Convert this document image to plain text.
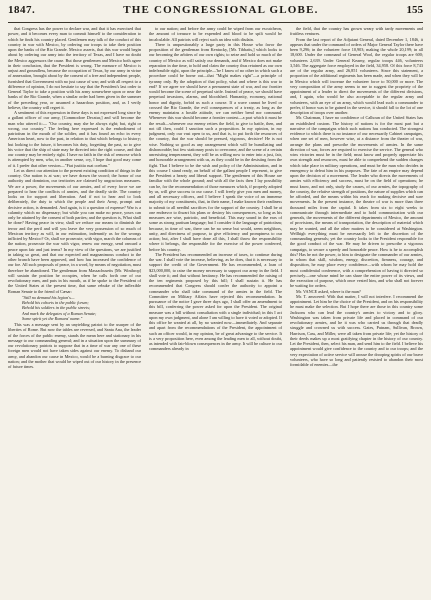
1847.	THE CONGRESSIONAL GLOBE.	155

that Congress has the power to declare war, and that it has exercised that power, and it becomes every man to commit himself to the consideration to which he finds his country placed. Gentlemen may talk of the conduct of this country in war with Mexico, by ordering our troops to take their position upon the banks of the Rio Grande. Mexico asserts, that this war would begin about by ordering our army into the territory of Texas, and I have no doubt the Mexico aggressors the cause. But those gentlemen and Mexico both agree in their conclusion, that the President is wrong. The measure of Mexico is unjust and groundless, because the occupation of Texas, by our army in virtue of annexation, brought about by the consent of a free and independent people, furnished that Government with no just cause of war; and with all respect to a difference of opinion, I do not hesitate to say that the President's last order to General Taylor to take a position with his army somewhere upon or near the banks of the Rio Grande, when a similar order had been given in the summer of the preceding year, or assumed a hazardous position, and, as I verily believe, the country will regret it.

A sentiment of this expression in these days is not expressed long since by a gallant officer of our army, [Commodore Decatur,] and will become the man who uttered it:— "Our country, may she be always right; but, right or wrong, our country." The feeling here expressed is the embodiment of patriotism in the mouth of the soldier, and it has found an echo in every American heart, now to the past, in relation to that which belongs to history; but looking to the future, it becomes his duty, forgetting the past, so to give his voice that the ship of state may be directed into the right course, and that our country may be entirely right. I have no faith in the risk of remorse which is attempted by men, who, in another sense, cry, I hope that good may come of it. I prefer that other version—"Fiat justitia ruat coelum."

Let us direct our attention to the present existing condition of things in the country. Our nation is at war; we have drawn the sword; the honor of our authority and dominion, our territories are claimed by ungracious measures. We are a power, the movements of our armies, and of every force we are prepared to hear the conflicts of armies, and the deadly strife. The country looks on for support and liberation. And if not to hear and to look deliberately, the duty to which the people and their Army, prompt and decisive action, is demanded. And again, is it a question of expense? War is a calamity which no dispensary; but while you can make no peace, yours can only be attained by the consent of both parties; and the question is, What shall be done? Having peace in view, shall we reduce our means to diminish the terror and the peril and will you leave the very possession of so much of Mexican territory as will, in our estimation, indemnify us for the wrongs inflicted by Mexico? Or, shall we prosecute, with vigor, march the columns of the nation, prosecute the war with vigor, renew our energy, send onward a peace upon fair and just terms? In my view of the questions, we are justified in taking so great, and that our expected and magnanimous conduct to the other branch have been approved, and how has increased the confidence of our foe. All such proposals of peace, in a word, by means of negotiation, must therefore be abandoned. The gentleman from Massachusetts [Mr. Winthrop] will sustain the position he occupies, when he calls forth one of our revolutionary men, and puts in his mouth, as if he spoke to the President of the United States at the present time, that same rebuke of the inflexible Roman Senate to the friend of Cæsar:

"Still no demand his legion's—
Behold his cohorts in the public forum;
Behold his soldiers in the public streets;
And mark the delegates of a Roman Senate;
Some spirit yet the Romans' name."

This was a message sent by an unyielding patriot to the usurper of the liberties of Rome. But now the tables are reversed, and Santa Ana, the leader of the forces of the public enemy, stands the mean here and stationary in his message to our commanding general; and in a situation upon the summary of our revolutionary patriots to suppose that in a time of war any one of these foreign men would not have taken sides against our enemy. To disband our army, and abandon our cause in Mexico, would be a burning disgrace to our nation; and the mother that would be wiped out of our history in the presence of future times.

to our nation; and before the army could be wiped from our escutcheon, the amount of treasure to be expended and blood to be spilt would be incalculable. All patriots will reject such an idea with disdain.

There is unquestionably a large party in this House who favor the proposition of the gentleman from Kentucky, [Mr. Tibbatts,] which looks to our becoming the arbiters of our own rights; to seize and hold so much of the country of Mexico as will satisfy our demands, and if Mexico does not make reparation in due time, to hold and claim the country thus retained as our own indefeasible right, upon the principle—'be I know of no other in which such a procedure could be borne out—that "Might makes right"—a principle of tyranny only. By the adoption of that policy, what and where is this war to end? If we agree we should have a permanent state of war, and our frontier would become the scene of perpetual strife. Instead of peace, we should have perpetual invasions, alarms, and bloodshed. Humanity, economy, national honor and dignity, forbid us such a course. If a wave cannot be lived or crossed the Rio Grande, the evil consequences of a treaty, as long as the enemy maintains a hostile attitude, we can neither bend nor command. Whenever this war should become a frontier contest—a part which it must be the result—whenever our enemy retires the field, to give to battle, then, and not till then, could I sanction such a proposition. In my opinion, in my judgment, only our vast open to us, and that is, to put forth the resources of the country, that the war should be pressed, vigorous, decisive! He is not wise. Nothing so good as any arrangement which will be humiliating and dishonorable; but few stationary posts to overcome, and the scene of a certain unresisting temperament, they will be as willing now to enter into a just, fair, and honorable arrangement with us, as they could be in the desisting from the fight. That I believe to be the wish and policy of the Administration, and in this course I stand ready, on behalf of the gallant people I represent, to give the President a hearty and liberal support. The gentlemen of this House are familiar with the whole ground; and with all the facts then I lay possibility can be, for the recommendation of those measures which, if properly adopted by us, will give success to our cause. I will freely give you men and money, and all necessary officers, and I believe I speak the voice of an immense majority of my constituents, that, in their name, I make known their readiness to submit to all needful sacrifices for the support of the country. I shall be at one endeavor to thwart his plans or destroy his consequences, so long as his measures are wise, patriotic, and beneficial. This may sound in the ears of some as strong partisan language; but I consider it the language of patriotism; because, in time of war, there can be no sense but would, seem neighbors, unity, and directness of purpose, to give efficiency and promptness to our action; but, after I shall have done all this, I shall throw the responsibility where it belongs, the responsible for the exercise of the power conferred, before his country.

The President has recommended an increase of taxes, to continue during the war. I shall vote the increase, believing, as he does, that it is necessary to support the credit of the Government. He has recommended, a loan of $23,000,000, to raise the money necessary to support our army in the field. I shall vote it; and that without hesitancy. He has recommended the raising of the ten regiments proposed by this bill; I shall sustain it. He has recommended that Congress should confer the authority to appoint a commander who shall take command of the armies in the field. The Committee on Military Affairs have rejected this recommendation. In pursuance of the notice I gave three days ago, I shall offer an amendment to this bill, conferring the power asked for upon the President. The original measure was a bill without consultation with a single individual; in this I act upon my own judgment, and alone I am willing to have it voted or adopted. If this office be wanted at all, by no wanted now—immediately. And separate and apart from the recommendations of the President, the appointment of such an officer would, in my opinion, be of great advantage to the service. It is a very proposition here, even among the leading men to all, without doubt, as intended with fair-blown consequences in the army. It will be culture to our commanders already in

the field, that the country has grown weary with tardy movements and fruitless ventures.

From the last report of the Adjutant General, dated December 1, 1846, it appears that under the command of orders of Major General Taylor there have been 9,296; in the volunteer force 10,903; making the whole 20,199; in all 18,600. Under the command of General Wool, the regular troops are 600; volunteers 2,639. Under General Kearny, regular troops 446, volunteers 3,546. The aggregate force employed in the field, 34,958. Of this force 8,743 are of the regular army, and 26,851 volunteers. Since this statement, a proportion of the additional regiments has been made, and when they will be in Mexico which will increase the volunteer force to 50,000 or more. The very composition of the army seems to me to suggest the propriety of the appointment of a leader to direct the movements of the different divisions, and, I again, who would be also acceptable to the regular army and volunteers, with an eye of an army, which would lead such a commander to prefer, if honor was to be gained in the service, it should fall to the lot of one description of troops over another.

Mr. Chairman, I have no confidence of Calhoun of the United States has an established custom. The history of nations is for the most part but a narrative of the campaigns which such nations has conducted. The strongest evidence to which there is no instance of our necessarily Cabinet campaigns, when one set of men, however wise, at a distance from the theater of war, arrange the plans and prescribe the movements of armies. In the same direction of war, forces are required to exercise the service. The general who wins victories must be in the field; must know and properly appreciate his own strength and resources, must be able to comprehend the sudden changes which take place in military operations, and must be the man who decides in emergency to defeat him in his purposes. The fate of an empire may depend upon the decision of a movement. The leader who directs the movements of armies with efficiency and success, must be on the field of operations; he must know, and not only, study the causes, of our armies, the topography of the country, the relative strength of positions, the nature of supplies which can be afforded, and the means within his reach for making decisive and sure movements. In the present instance, the theatre of war is more than three thousand miles from the capital. It takes from six to eight weeks to communicate through intermediate and to hold communication with our generals, the movements of the different departments of Mexico, the amount of provisions, the means of transportation, the description of material which may be wanted, and all the other matters to be considered at Washington. Wellhigh everything must be necessarily left to the discretion of the commanding generals; yet the country looks to the President responsible for the good conduct of the war. He may be driven to prescribe a vigorous campaign, to secure a speedy and honorable peace. How is he to accomplish this? Has he not the power, to him to designate the commander of our armies, in whom that skill, wisdom, energy, discretion, firmness, courage, and disposition, he may place every confidence—with whom he may hold the most confidential conference, with a comprehension of having it directed so precisely—one whose mind he can share the entire power of its views, and the execution of purpose, which once vested him, and who shall not forever be waiting for orders.

Mr. VANCE asked, where is the man?

Mr. T. answered: With that matter, I will not interfere. I recommend the appointment. Let him be the choice of the President, and on his responsibility he must make the selection. But I hope there are those in this country some Jacksons who can lead the country's armies to victory and to glory. Washington was taken from private life and placed in command of our revolutionary armies, and he it was who carried us through that deadly struggle and crowned us with success. Gates, Putnam, Sullivan, Brown, Harrison, Cass, and Miller, were all taken from private life; yet the history of their deeds makes up a most gratifying chapter in the history of our country. Let the President, then, select his man, and send him to the field. I believe his appointment would give confidence to the country and to our troops; and the very expectation of active service will arouse the drooping spirits of our brave volunteers, who have so long and patiently resisted to abandon their most formidable of enemies—the
